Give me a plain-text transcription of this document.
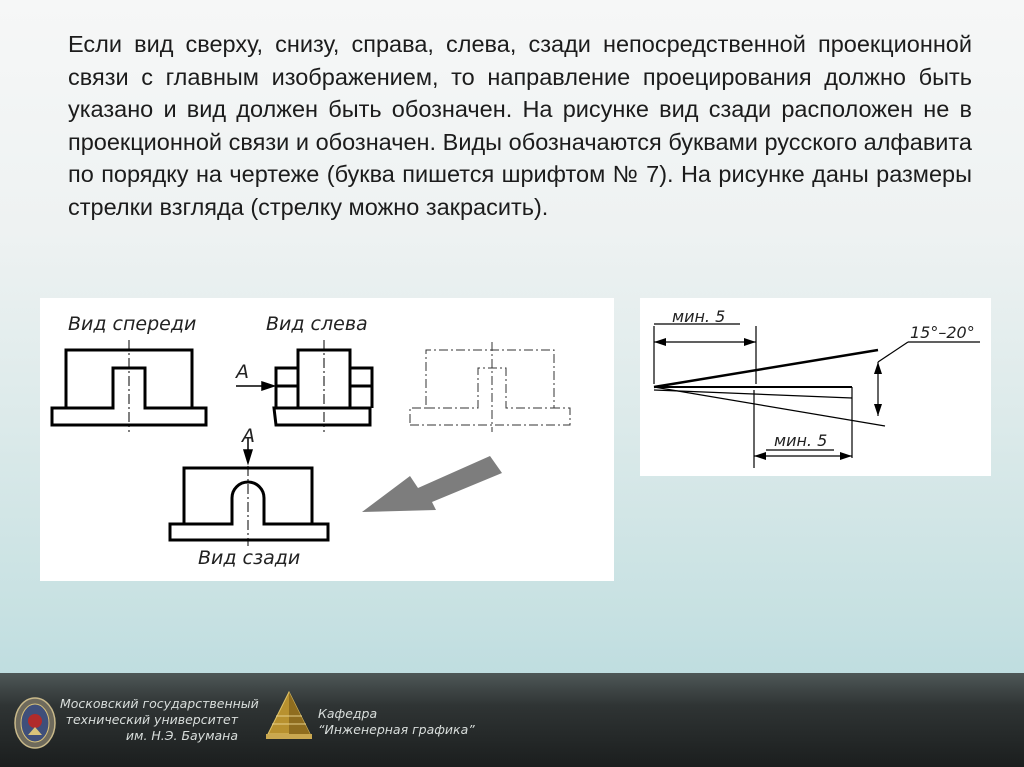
Если вид сверху, снизу, справа, слева, сзади непосредственной проекционной связи с главным изображением, то направление проецирования должно быть указано и вид должен быть обозначен. На рисунке вид сзади расположен не в проекционной связи и обозначен. Виды обозначаются буквами русского алфавита по порядку на чертеже (буква пишется шрифтом № 7). На рисунке даны размеры стрелки взгляда (стрелку можно закрасить).

Вид спереди	Вид слева
А
А
Вид сзади
мин. 5
мин. 5
15°–20°
Московский государственный
технический университет
им. Н.Э. Баумана
Кафедра
“Инженерная графика”
